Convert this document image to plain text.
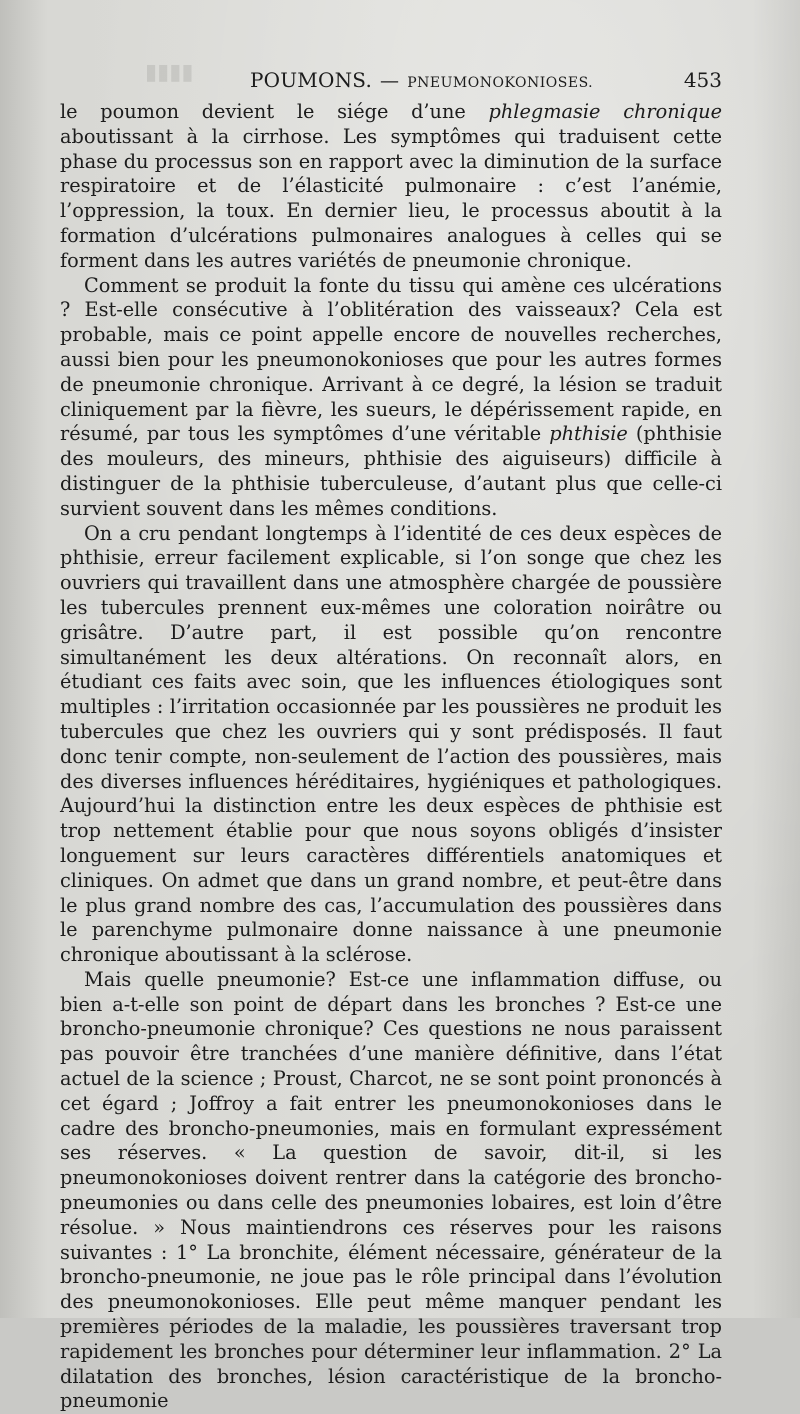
▮▮▮▮	POUMONS. — PNEUMONOKONIOSES.	453

le poumon devient le siége d’une phlegmasie chronique aboutissant à la cirrhose. Les symptômes qui traduisent cette phase du processus son en rapport avec la diminution de la surface respiratoire et de l’élasticité pulmonaire : c’est l’anémie, l’oppression, la toux. En dernier lieu, le processus aboutit à la formation d’ulcérations pulmonaires analogues à celles qui se forment dans les autres variétés de pneumonie chronique.

Comment se produit la fonte du tissu qui amène ces ulcérations ? Est-elle consécutive à l’oblitération des vaisseaux? Cela est probable, mais ce point appelle encore de nouvelles recherches, aussi bien pour les pneumonokonioses que pour les autres formes de pneumonie chronique. Arrivant à ce degré, la lésion se traduit cliniquement par la fièvre, les sueurs, le dépérissement rapide, en résumé, par tous les symptômes d’une véritable phthisie (phthisie des mouleurs, des mineurs, phthisie des aiguiseurs) difficile à distinguer de la phthisie tuberculeuse, d’autant plus que celle-ci survient souvent dans les mêmes conditions.

On a cru pendant longtemps à l’identité de ces deux espèces de phthisie, erreur facilement explicable, si l’on songe que chez les ouvriers qui travaillent dans une atmosphère chargée de poussière les tubercules prennent eux-mêmes une coloration noirâtre ou grisâtre. D’autre part, il est possible qu’on rencontre simultanément les deux altérations. On reconnaît alors, en étudiant ces faits avec soin, que les influences étiologiques sont multiples : l’irritation occasionnée par les poussières ne produit les tubercules que chez les ouvriers qui y sont prédisposés. Il faut donc tenir compte, non-seulement de l’action des poussières, mais des diverses influences héréditaires, hygiéniques et pathologiques. Aujourd’hui la distinction entre les deux espèces de phthisie est trop nettement établie pour que nous soyons obligés d’insister longuement sur leurs caractères différentiels anatomiques et cliniques. On admet que dans un grand nombre, et peut-être dans le plus grand nombre des cas, l’accumulation des poussières dans le parenchyme pulmonaire donne naissance à une pneumonie chronique aboutissant à la sclérose.

Mais quelle pneumonie? Est-ce une inflammation diffuse, ou bien a-t-elle son point de départ dans les bronches ? Est-ce une broncho-pneumonie chronique? Ces questions ne nous paraissent pas pouvoir être tranchées d’une manière définitive, dans l’état actuel de la science ; Proust, Charcot, ne se sont point prononcés à cet égard ; Joffroy a fait entrer les pneumonokonioses dans le cadre des broncho-pneumonies, mais en formulant expressément ses réserves. « La question de savoir, dit-il, si les pneumonokonioses doivent rentrer dans la catégorie des broncho-pneumonies ou dans celle des pneumonies lobaires, est loin d’être résolue. » Nous maintiendrons ces réserves pour les raisons suivantes : 1° La bronchite, élément nécessaire, générateur de la broncho-pneumonie, ne joue pas le rôle principal dans l’évolution des pneumonokonioses. Elle peut même manquer pendant les premières périodes de la maladie, les poussières traversant trop rapidement les bronches pour déterminer leur inflammation. 2° La dilatation des bronches, lésion caractéristique de la broncho-pneumonie
